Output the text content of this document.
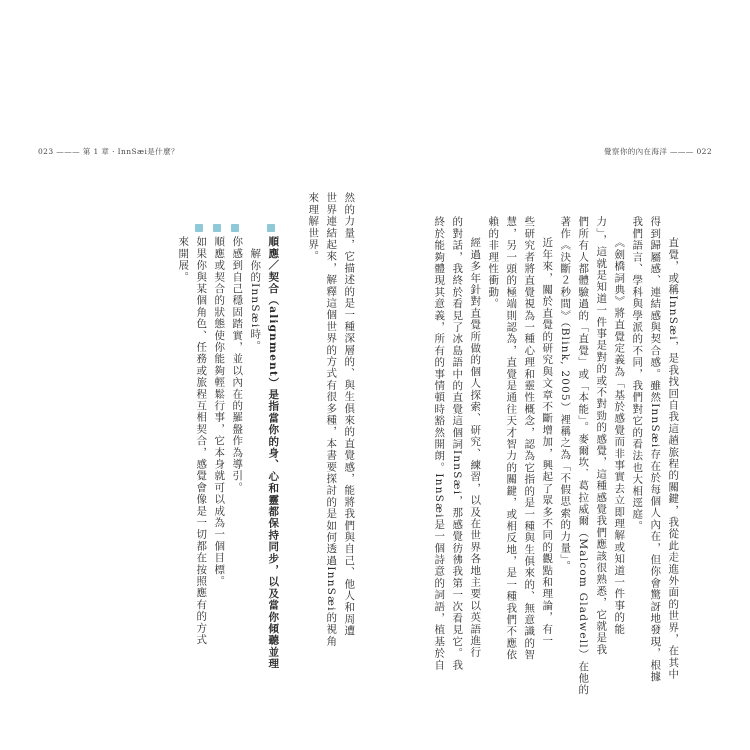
023 ——— 第 1 章 · InnSæi是什麼？	覺察你的內在海洋 ——— 022
直覺，或稱InnSæi，是我找回自我這趟旅程的關鍵，我從此走進外面的世界，在其中
得到歸屬感、連結感與契合感。雖然InnSæi存在於每個人內在，但你會驚訝地發現，根據
我們語言、學科與學派的不同，我們對它的看法也大相逕庭。
《劍橋詞典》將直覺定義為「基於感覺而非事實去立即理解或知道一件事的能
力」，這就是知道一件事是對的或不對勁的感覺，這種感覺我們應該很熟悉，它就是我
們所有人都體驗過的「直覺」或「本能」。麥爾坎．葛拉威爾（Malcom Gladwell）在他的
著作《決斷２秒間》（Blink, 2005）裡稱之為「不假思索的力量」。
近年來，關於直覺的研究與文章不斷增加，興起了眾多不同的觀點和理論，有一
些研究者將直覺視為一種心理和靈性概念，認為它指的是一種與生俱來的、無意識的智
慧，另一頭的極端則認為，直覺是通往天才智力的關鍵，或相反地，是一種我們不應依
賴的非理性衝動。
經過多年針對直覺所做的個人探索、研究、練習，以及在世界各地主要以英語進行
的對話，我終於看見了冰島語中的直覺這個詞InnSæi，那感覺彷彿我第一次看見它。我
終於能夠體現其意義，所有的事情頓時豁然開朗。InnSæi是一個詩意的詞語，植基於自
然的力量，它描述的是一種深層的、與生俱來的直覺感，能將我們與自己、他人和周遭
世界連結起來，解釋這個世界的方式有很多種，本書要探討的是如何透過InnSæi的視角
來理解世界。
順應／契合（alignment）是指當你的身、心和靈都保持同步，以及當你傾聽並理
解你的InnSæi時。
你感到自己穩固踏實，並以內在的羅盤作為導引。
順應或契合的狀態使你能夠輕鬆行事，它本身就可以成為一個目標。
如果你與某個角色、任務或旅程互相契合，感覺會像是一切都在按照應有的方式
來開展。
